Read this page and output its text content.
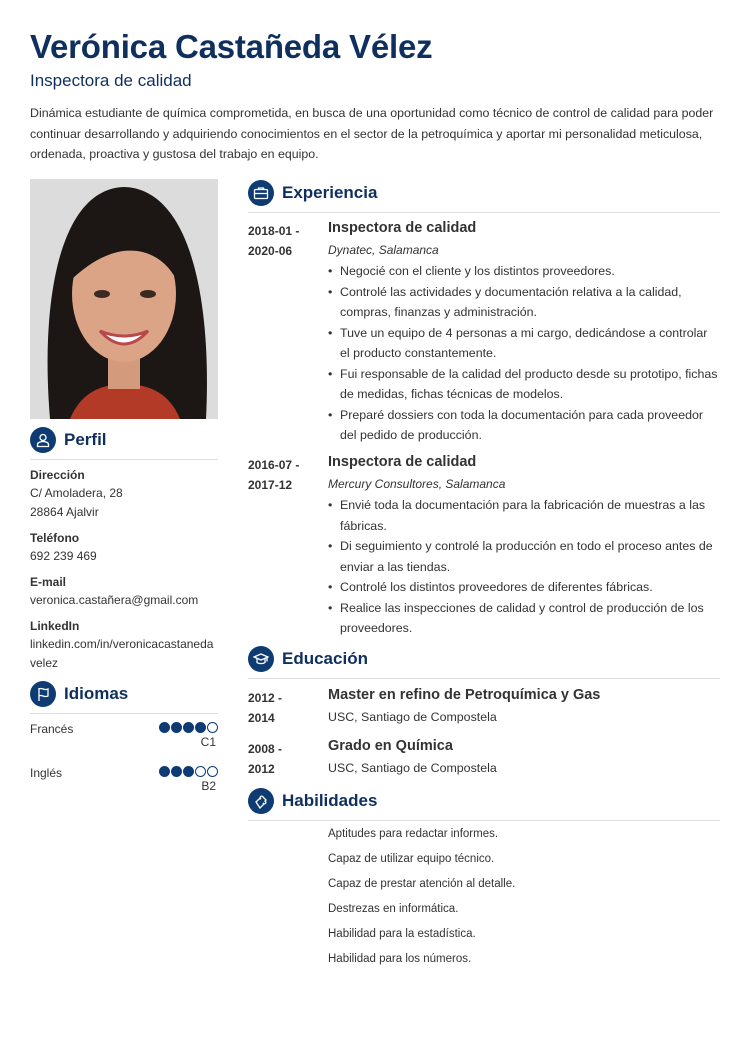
Verónica Castañeda Vélez
Inspectora de calidad
Dinámica estudiante de química comprometida, en busca de una oportunidad como técnico de control de calidad para poder continuar desarrollando y adquiriendo conocimientos en el sector de la petroquímica y aportar mi personalidad meticulosa, ordenada, proactiva y gustosa del trabajo en equipo.
Perfil
Dirección
C/ Amoladera, 28
28864 Ajalvir
Teléfono
692 239 469
E-mail
veronica.castañera@gmail.com
LinkedIn
linkedin.com/in/veronicacastanedavelez
Idiomas
Francés
C1
Inglés
B2
Experiencia
2018-01 -
2020-06
Inspectora de calidad
Dynatec, Salamanca
• Negocié con el cliente y los distintos proveedores.
• Controlé las actividades y documentación relativa a la calidad, compras, finanzas y administración.
• Tuve un equipo de 4 personas a mi cargo, dedicándose a controlar el producto constantemente.
• Fui responsable de la calidad del producto desde su prototipo, fichas de medidas, fichas técnicas de modelos.
• Preparé dossiers con toda la documentación para cada proveedor del pedido de producción.
2016-07 -
2017-12
Inspectora de calidad
Mercury Consultores, Salamanca
• Envié toda la documentación para la fabricación de muestras a las fábricas.
• Di seguimiento y controlé la producción en todo el proceso antes de enviar a las tiendas.
• Controlé los distintos proveedores de diferentes fábricas.
• Realice las inspecciones de calidad y control de producción de los proveedores.
Educación
2012 -
2014
Master en refino de Petroquímica y Gas
USC, Santiago de Compostela
2008 -
2012
Grado en Química
USC, Santiago de Compostela
Habilidades
Aptitudes para redactar informes.
Capaz de utilizar equipo técnico.
Capaz de prestar atención al detalle.
Destrezas en informática.
Habilidad para la estadística.
Habilidad para los números.
